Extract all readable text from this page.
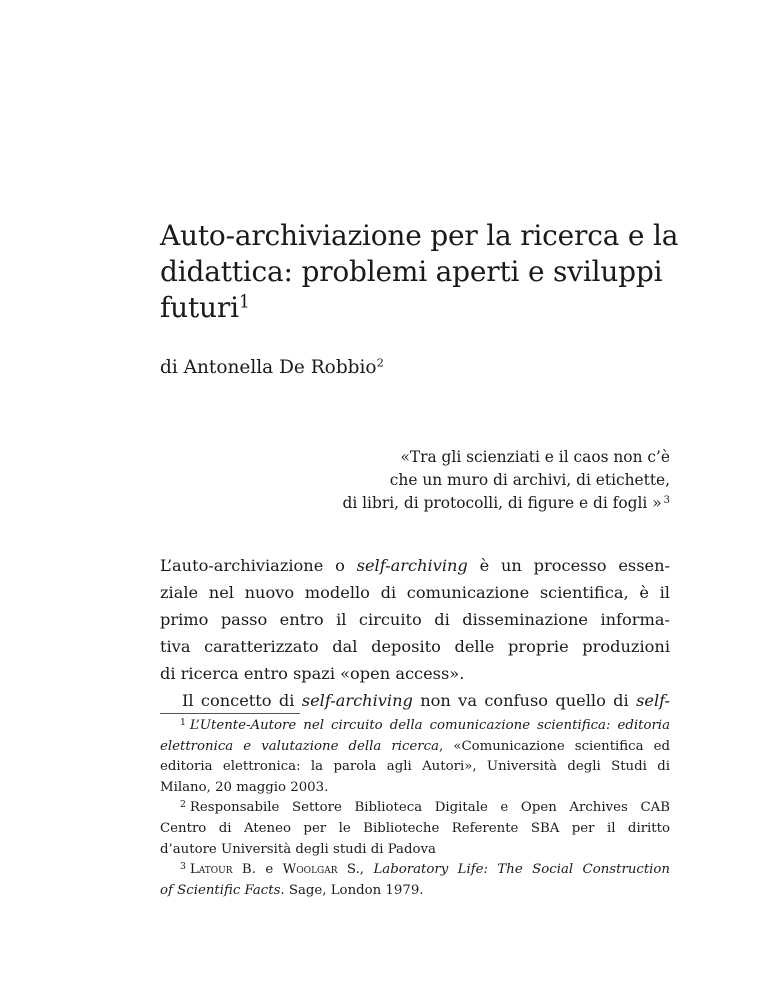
Auto-archiviazione per la ricerca e la
didattica: problemi aperti e sviluppi
futuri$^1$
di Antonella De Robbio$^2$
«Tra gli scienziati e il caos non c’è
che un muro di archivi, di etichette,
di libri, di protocolli, di figure e di fogli » $^3$
L’auto-archiviazione o self-archiving è un processo essen-
ziale nel nuovo modello di comunicazione scientifica, è il
primo passo entro il circuito di disseminazione informa-
tiva caratterizzato dal deposito delle proprie produzioni
di ricerca entro spazi «open access».
Il concetto di self-archiving non va confuso quello di self-
$^1$ L’Utente-Autore nel circuito della comunicazione scientifica: editoria
elettronica e valutazione della ricerca, «Comunicazione scientifica ed
editoria elettronica: la parola agli Autori», Università degli Studi di
Milano, 20 maggio 2003.
$^2$ Responsabile Settore Biblioteca Digitale e Open Archives CAB
Centro di Ateneo per le Biblioteche Referente SBA per il diritto
d’autore Università degli studi di Padova
$^3$ Latour B. e Woolgar S., Laboratory Life: The Social Construction
of Scientific Facts. Sage, London 1979.
